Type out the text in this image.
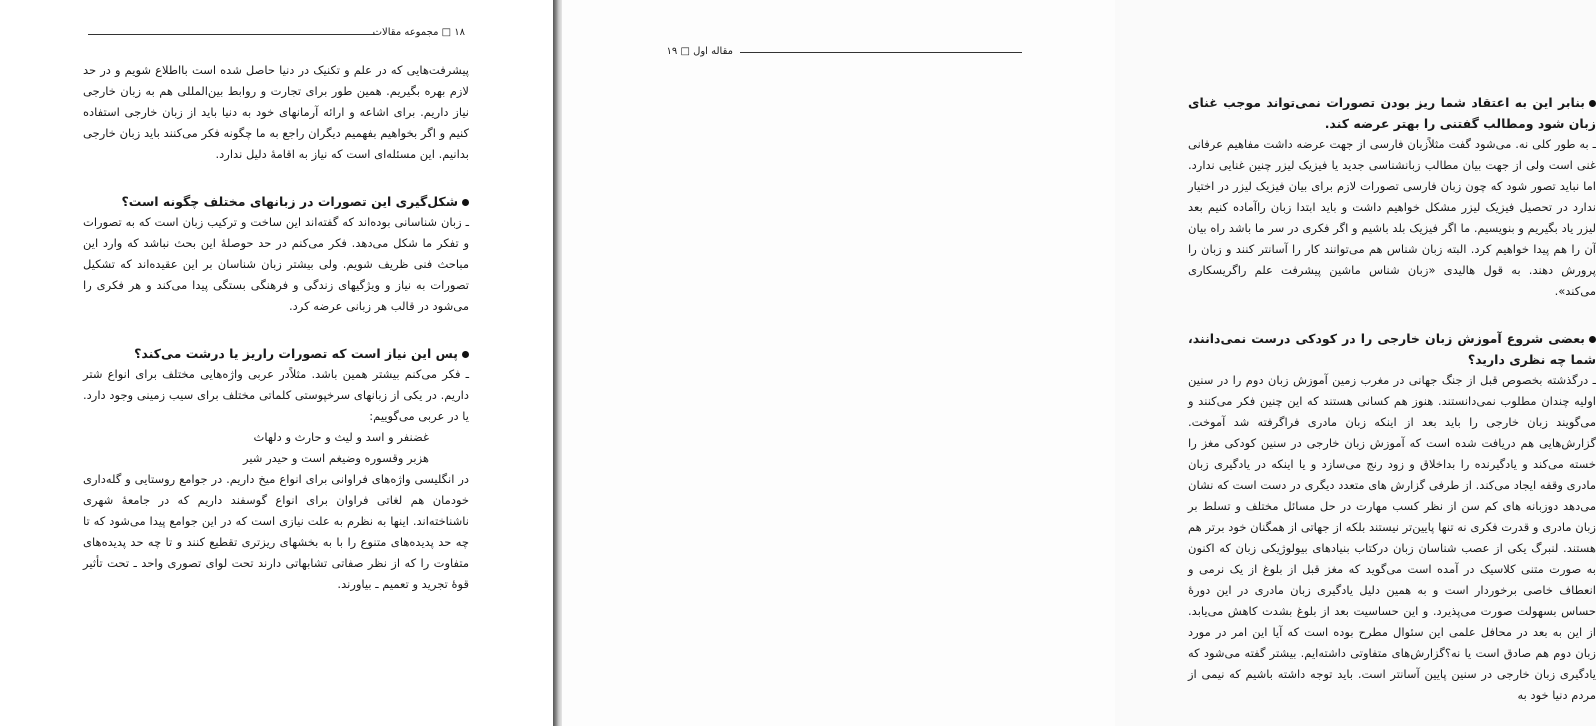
۱۸ □ مجموعه مقالات

پیشرفت‌هایی که در علم و تکنیک در دنیا حاصل شده است بااطلاع شویم و در حد لازم بهره بگیریم. همین طور برای تجارت و روابط بین‌المللی هم به زبان خارجی نیاز داریم. برای اشاعه و ارائه آرمانهای خود به دنیا باید از زبان خارجی استفاده کنیم و اگر بخواهیم بفهمیم دیگران راجع به ما چگونه فکر می‌کنند باید زبان خارجی بدانیم. این مسئله‌ای است که نیاز به اقامهٔ دلیل ندارد.

شکل‌گیری این تصورات در زبانهای مختلف چگونه است؟

ـ زبان شناسانی بوده‌اند که گفته‌اند این ساخت و ترکیب زبان است که به تصورات و تفکر ما شکل می‌دهد. فکر می‌کنم در حد حوصلهٔ این بحث نباشد که وارد این مباحث فنی ظریف شویم. ولی بیشتر زبان شناسان بر این عقیده‌اند که تشکیل تصورات به نیاز و ویژگیهای زندگی و فرهنگی بستگی پیدا می‌کند و هر فکری را می‌شود در قالب هر زبانی عرضه کرد.

پس این نیاز است که تصورات راریز یا درشت می‌کند؟

ـ فکر می‌کنم بیشتر همین باشد. مثلاًدر عربی واژه‌هایی مختلف برای انواع شتر داریم. در یکی از زبانهای سرخپوستی کلماتی مختلف برای سیب زمینی وجود دارد. یا در عربی می‌گوییم:

غضنفر و اسد و لیث و حارث و دلهاث

هزبر وقسوره وضیغم است و حیدر شیر

در انگلیسی واژه‌های فراوانی برای انواع میخ داریم. در جوامع روستایی و گله‌داری خودمان هم لغاتی فراوان برای انواع گوسفند داریم که در جامعهٔ شهری ناشناخته‌اند. اینها به نظرم به علت نیازی است که در این جوامع پیدا می‌شود که تا چه حد پدیده‌های متنوع را با به بخشهای ریزتری تقطیع کنند و تا چه حد پدیده‌های متفاوت را که از نظر صفاتی تشابهاتی دارند تحت لوای تصوری واحد ـ تحت تأثیر قوهٔ تجرید و تعمیم ـ بیاورند.

مقاله اول □ ۱۹

بنابر این به اعتقاد شما ریز بودن تصورات نمی‌تواند موجب غنای زبان شود ومطالب گفتنی را بهتر عرضه کند.

ـ به طور کلی نه. می‌شود گفت مثلاًزبان فارسی از جهت عرضه داشت مفاهیم عرفانی غنی است ولی از جهت بیان مطالب زبانشناسی جدید یا فیزیک لیزر چنین غنایی ندارد. اما نباید تصور شود که چون زبان فارسی تصورات لازم برای بیان فیزیک لیزر در اختیار ندارد در تحصیل فیزیک لیزر مشکل خواهیم داشت و باید ابتدا زبان راآماده کنیم بعد لیزر یاد بگیریم و بنویسیم. ما اگر فیزیک بلد باشیم و اگر فکری در سر ما باشد راه بیان آن را هم پیدا خواهیم کرد. البته زبان شناس هم می‌توانند کار را آسانتر کنند و زبان را پرورش دهند. به قول هالیدی «زبان شناس ماشین پیشرفت علم راگریسکاری می‌کند».

بعضی شروع آموزش زبان خارجی را در کودکی درست نمی‌دانند، شما چه نظری دارید؟

ـ درگذشته بخصوص قبل از جنگ جهانی در مغرب زمین آموزش زبان دوم را در سنین اولیه چندان مطلوب نمی‌دانستند. هنوز هم کسانی هستند که این چنین فکر می‌کنند و می‌گویند زبان خارجی را باید بعد از اینکه زبان مادری فراگرفته شد آموخت. گزارش‌هایی هم دریافت شده است که آموزش زبان خارجی در سنین کودکی مغز را خسته می‌کند و یادگیرنده را بداخلاق و زود رنج می‌سازد و یا اینکه در یادگیری زبان مادری وقفه ایجاد می‌کند. از طرفی گزارش های متعدد دیگری در دست است که نشان می‌دهد دوزبانه های کم سن از نظر کسب مهارت در حل مسائل مختلف و تسلط بر زبان مادری و قدرت فکری نه تنها پایین‌تر نیستند بلکه از جهاتی از همگنان خود برتر هم هستند. لنبرگ یکی از عصب شناسان زبان درکتاب بنیادهای بیولوژیکی زبان که اکنون به صورت متنی کلاسیک در آمده است می‌گوید که مغز قبل از بلوغ از یک نرمی و انعطاف خاصی برخوردار است و به همین دلیل یادگیری زبان مادری در این دورهٔ حساس بسهولت صورت می‌پذیرد. و این حساسیت بعد از بلوغ بشدت کاهش می‌یابد. از این به بعد در محافل علمی این سئوال مطرح بوده است که آیا این امر در مورد زبان دوم هم صادق است یا نه؟گزارش‌های متفاوتی داشته‌ایم. بیشتر گفته می‌شود که یادگیری زبان خارجی در سنین پایین آسانتر است. باید توجه داشته باشیم که نیمی از مردم دنیا خود به
